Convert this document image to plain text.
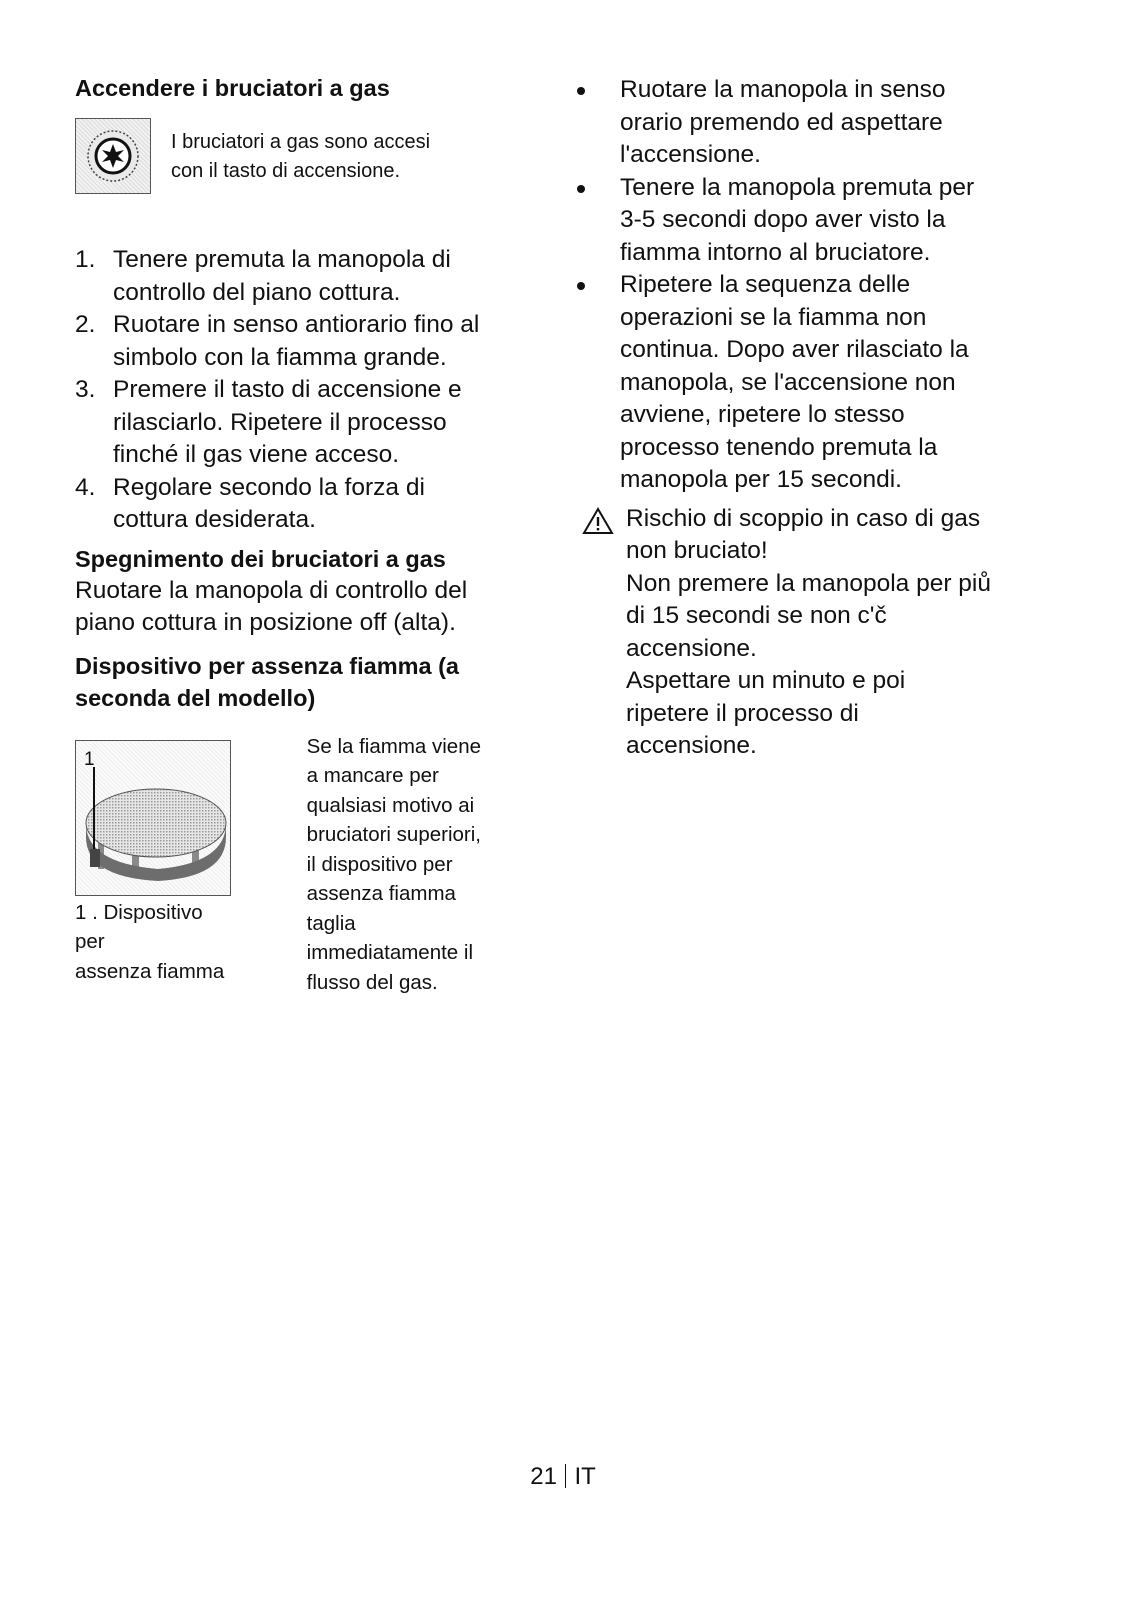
Accendere i bruciatori a gas
I bruciatori a gas sono accesi
con il tasto di accensione.
1. Tenere premuta la manopola di
controllo del piano cottura.
2. Ruotare in senso antiorario fino al
simbolo con la fiamma grande.
3. Premere il tasto di accensione e
rilasciarlo. Ripetere il processo
finché il gas viene acceso.
4. Regolare secondo la forza di
cottura desiderata.
Spegnimento dei bruciatori a gas
Ruotare la manopola di controllo del
piano cottura in posizione off (alta).
Dispositivo per assenza fiamma (a
seconda del modello)
1
1 . Dispositivo per
assenza fiamma
Se la fiamma viene
a mancare per
qualsiasi motivo ai
bruciatori superiori,
il dispositivo per
assenza fiamma
taglia
immediatamente il
flusso del gas.
Ruotare la manopola in senso
orario premendo ed aspettare
l'accensione.
Tenere la manopola premuta per
3-5 secondi dopo aver visto la
fiamma intorno al bruciatore.
Ripetere la sequenza delle
operazioni se la fiamma non
continua. Dopo aver rilasciato la
manopola, se l'accensione non
avviene, ripetere lo stesso
processo tenendo premuta la
manopola per 15 secondi.
Rischio di scoppio in caso di gas
non bruciato!
Non premere la manopola per piů
di 15 secondi se non c'č
accensione.
Aspettare un minuto e poi
ripetere il processo di
accensione.
21 IT
